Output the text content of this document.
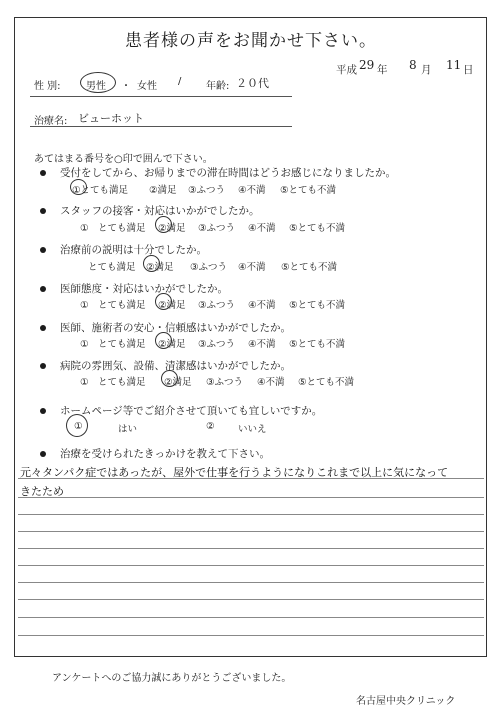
患者様の声をお聞かせ下さい。
平成 29 年 8 月 11 日
性 別:	男性 ・ 女性 / 年齢: ２０代
治療名: ビューホット
あてはまる番号を○印で囲んで下さい。
受付をしてから、お帰りまでの滞在時間はどうお感じになりましたか。
①とても満足 ②満足 ③ふつう ④不満 ⑤とても不満
スタッフの接客・対応はいかがでしたか。
①　とても満足 ②満足 ③ふつう ④不満 ⑤とても不満
治療前の説明は十分でしたか。
とても満足 ②満足 ③ふつう ④不満 ⑤とても不満
医師態度・対応はいかがでしたか。
①　とても満足 ②満足 ③ふつう ④不満 ⑤とても不満
医師、施術者の安心・信頼感はいかがでしたか。
①　とても満足 ②満足 ③ふつう ④不満 ⑤とても不満
病院の雰囲気、設備、清潔感はいかがでしたか。
①　とても満足 ②満足 ③ふつう ④不満 ⑤とても不満
ホームページ等でご紹介させて頂いても宜しいですか。
①	はい	② いいえ
治療を受けられたきっかけを教えて下さい。
元々タンパク症ではあったが、屋外で仕事を行うようになりこれまで以上に気になって
きたため
アンケートへのご協力誠にありがとうございました。
名古屋中央クリニック
